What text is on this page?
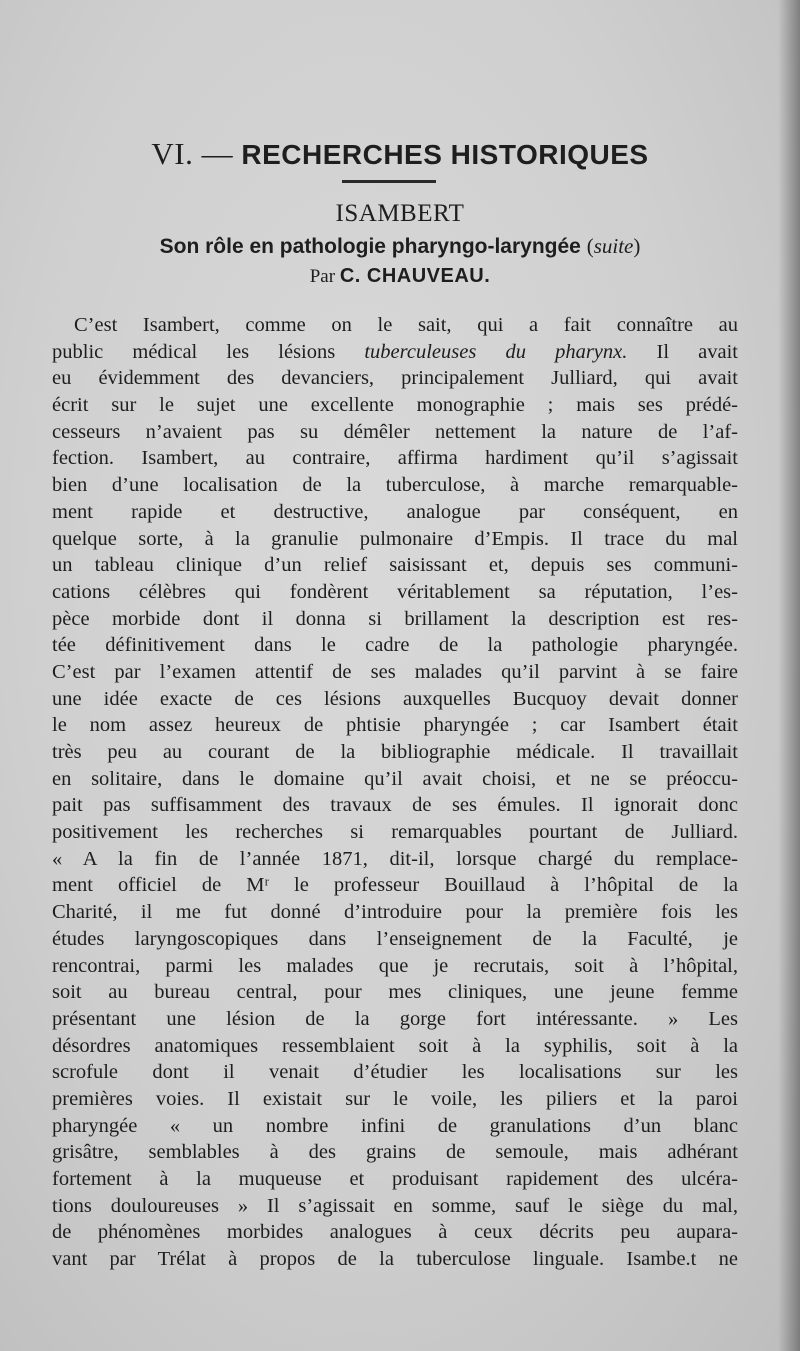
VI. — RECHERCHES HISTORIQUES
ISAMBERT
Son rôle en pathologie pharyngo-laryngée (suite)
Par C. CHAUVEAU.
C’est Isambert, comme on le sait, qui a fait connaître au
public médical les lésions tuberculeuses du pharynx. Il avait
eu évidemment des devanciers, principalement Julliard, qui avait
écrit sur le sujet une excellente monographie ; mais ses prédé-
cesseurs n’avaient pas su démêler nettement la nature de l’af-
fection. Isambert, au contraire, affirma hardiment qu’il s’agissait
bien d’une localisation de la tuberculose, à marche remarquable-
ment rapide et destructive, analogue par conséquent, en
quelque sorte, à la granulie pulmonaire d’Empis. Il trace du mal
un tableau clinique d’un relief saisissant et, depuis ses communi-
cations célèbres qui fondèrent véritablement sa réputation, l’es-
pèce morbide dont il donna si brillament la description est res-
tée définitivement dans le cadre de la pathologie pharyngée.
C’est par l’examen attentif de ses malades qu’il parvint à se faire
une idée exacte de ces lésions auxquelles Bucquoy devait donner
le nom assez heureux de phtisie pharyngée ; car Isambert était
très peu au courant de la bibliographie médicale. Il travaillait
en solitaire, dans le domaine qu’il avait choisi, et ne se préoccu-
pait pas suffisamment des travaux de ses émules. Il ignorait donc
positivement les recherches si remarquables pourtant de Julliard.
« A la fin de l’année 1871, dit-il, lorsque chargé du remplace-
ment officiel de Mʳ le professeur Bouillaud à l’hôpital de la
Charité, il me fut donné d’introduire pour la première fois les
études laryngoscopiques dans l’enseignement de la Faculté, je
rencontrai, parmi les malades que je recrutais, soit à l’hôpital,
soit au bureau central, pour mes cliniques, une jeune femme
présentant une lésion de la gorge fort intéressante. » Les
désordres anatomiques ressemblaient soit à la syphilis, soit à la
scrofule dont il venait d’étudier les localisations sur les
premières voies. Il existait sur le voile, les piliers et la paroi
pharyngée « un nombre infini de granulations d’un blanc
grisâtre, semblables à des grains de semoule, mais adhérant
fortement à la muqueuse et produisant rapidement des ulcéra-
tions douloureuses » Il s’agissait en somme, sauf le siège du mal,
de phénomènes morbides analogues à ceux décrits peu aupara-
vant par Trélat à propos de la tuberculose linguale. Isambe.t ne
